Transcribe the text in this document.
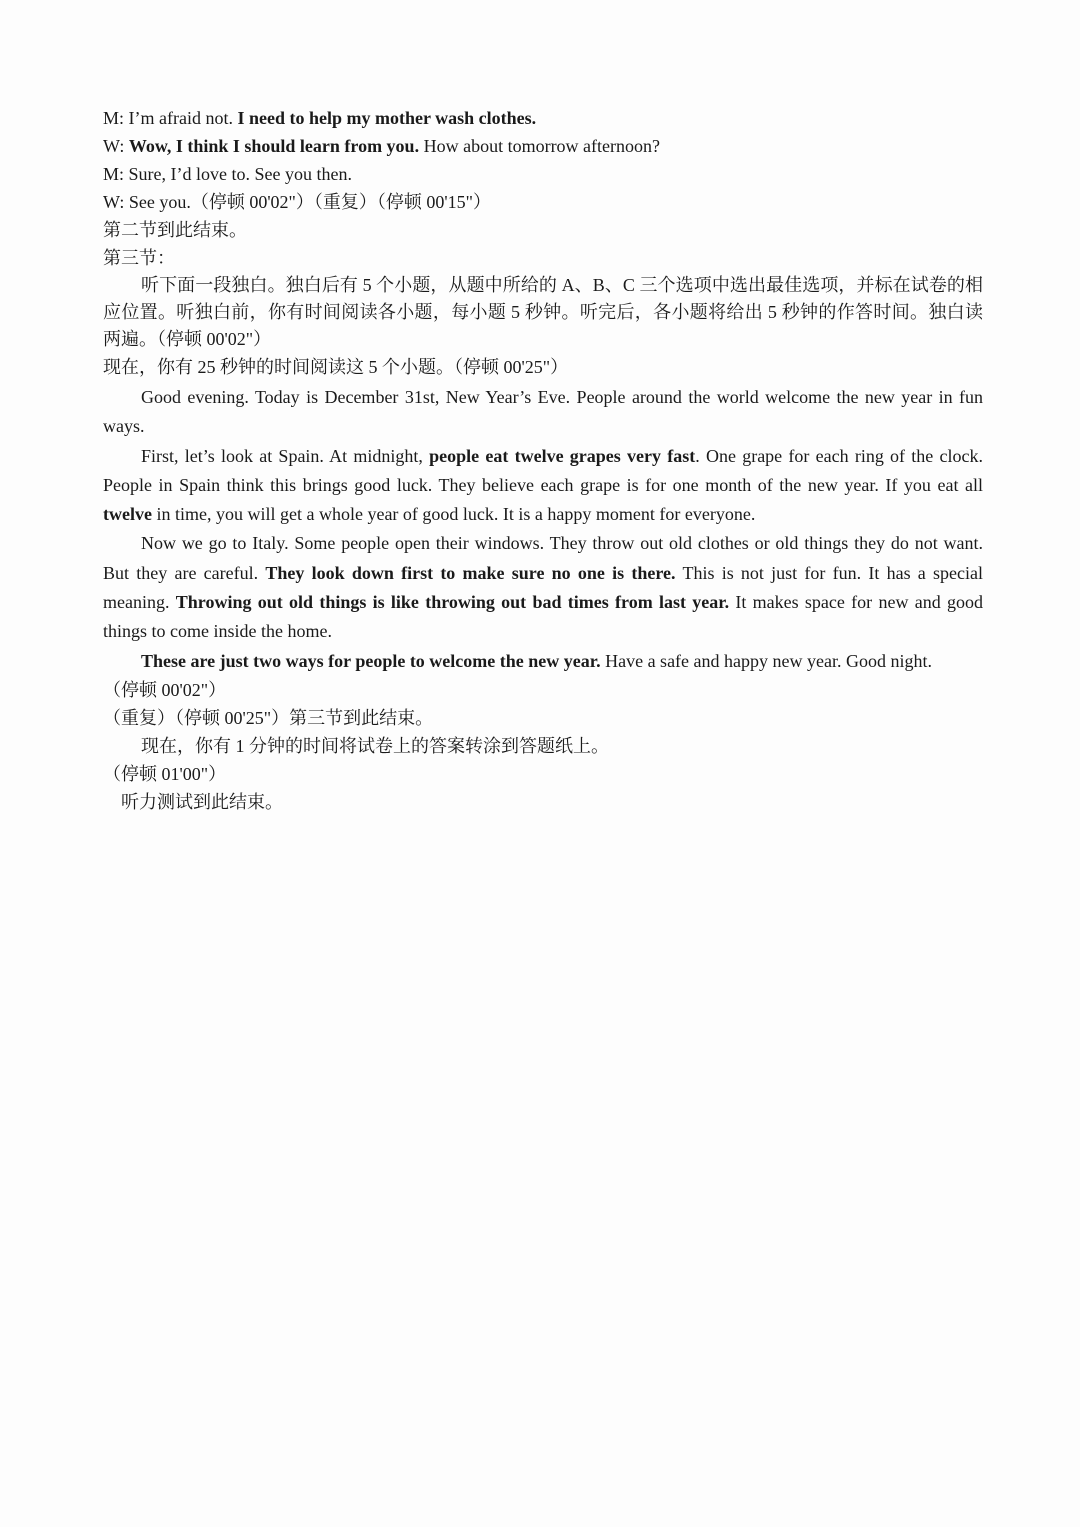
M: I’m afraid not. I need to help my mother wash clothes.

W: Wow, I think I should learn from you. How about tomorrow afternoon?

M: Sure, I’d love to. See you then.

W: See you.（停顿 00'02"）（重复）（停顿 00'15"）

第二节到此结束。

第三节：

听下面一段独白。独白后有 5 个小题，从题中所给的 A、B、C 三个选项中选出最佳选项，并标在试卷的相应位置。听独白前，你有时间阅读各小题，每小题 5 秒钟。听完后，各小题将给出 5 秒钟的作答时间。独白读两遍。（停顿 00'02"）

现在，你有 25 秒钟的时间阅读这 5 个小题。（停顿 00'25"）

Good evening. Today is December 31st, New Year’s Eve. People around the world welcome the new year in fun ways.

First, let’s look at Spain. At midnight, people eat twelve grapes very fast. One grape for each ring of the clock. People in Spain think this brings good luck. They believe each grape is for one month of the new year. If you eat all twelve in time, you will get a whole year of good luck. It is a happy moment for everyone.

Now we go to Italy. Some people open their windows. They throw out old clothes or old things they do not want. But they are careful. They look down first to make sure no one is there. This is not just for fun. It has a special meaning. Throwing out old things is like throwing out bad times from last year. It makes space for new and good things to come inside the home.

These are just two ways for people to welcome the new year. Have a safe and happy new year. Good night.

（停顿 00'02"）

（重复）（停顿 00'25"）第三节到此结束。

现在，你有 1 分钟的时间将试卷上的答案转涂到答题纸上。

（停顿 01'00"）

听力测试到此结束。
